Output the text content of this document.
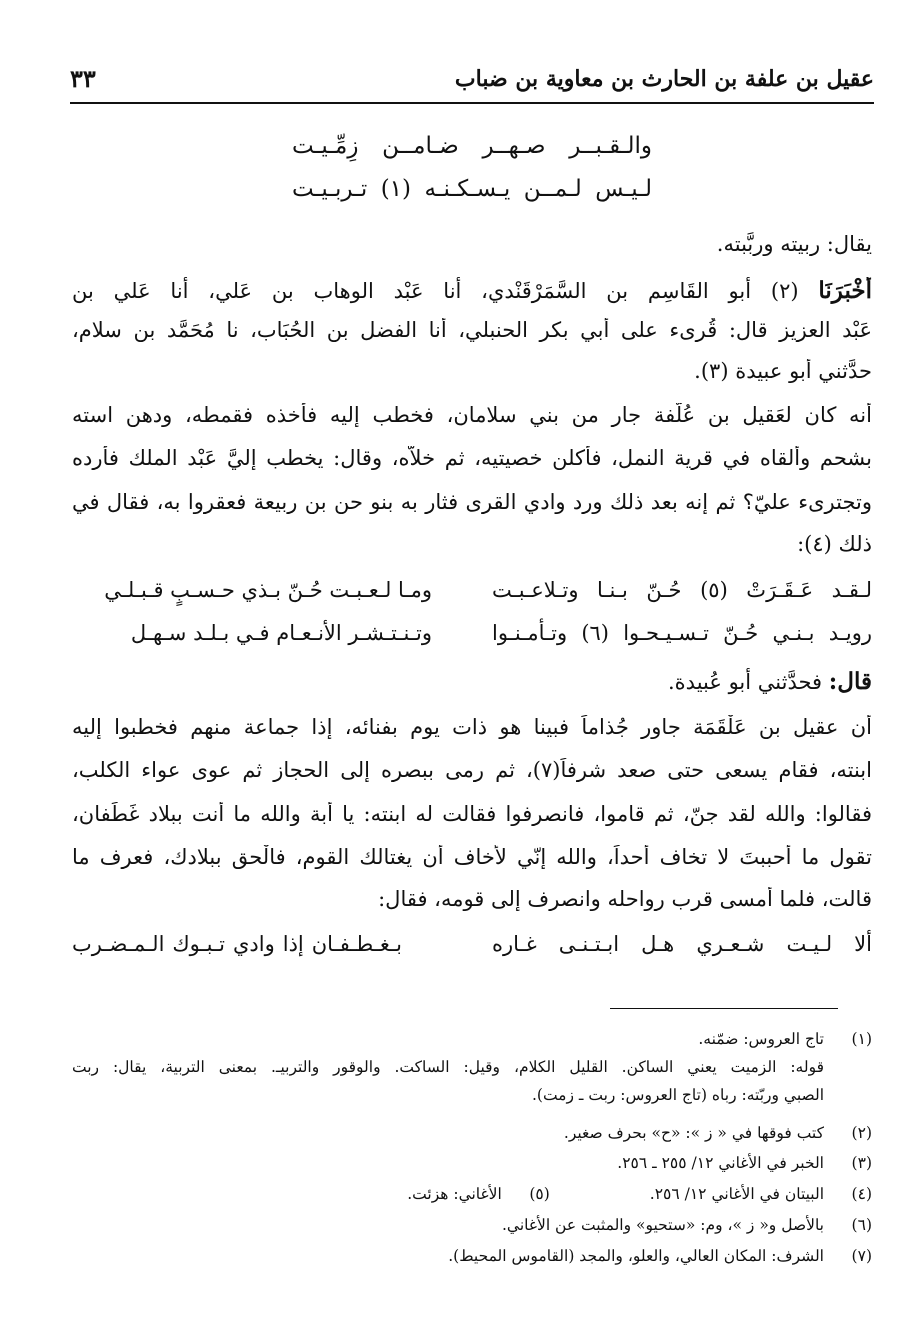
عقيل بن علفة بن الحارث بن معاوية بن ضباب
٣٣
والـقـبــر صـهــر ضـامــن زِمِّـيـت
لـيـس لـمــن يـسـكـنـه (١) تـربـيـت
يقال: ربيته وربَّبته.
أَخْبَرَنَا (٢) أبو القَاسِم بن السَّمَرْقَنْدي، أنا عَبْد الوهاب بن عَلي، أنا عَلي بن
عَبْد العزيز قال: قُرِىء على أبي بكر الحنبلي، أنا الفضل بن الحُبَاب، نا مُحَمَّد بن سلام،
حدَّثني أبو عبيدة (٣).
أنه كان لعَقيل بن عُلَّفة جار من بني سلامان، فخطب إليه فأخذه فقمطه، ودهن استه
بشحم وألقاه في قرية النمل، فأكلن خصيتيه، ثم خلاّه، وقال: يخطب إليَّ عَبْد الملك فأرده
وتجترِىء عليّ؟ ثم إنه بعد ذلك ورد وادي القرى فثار به بنو حن بن ربيعة فعقروا به، فقال في
ذلك (٤):
لـقـد عَـقَـرَتْ (٥) حُـنّ بـنـا وتـلاعـبـت
ومـا لـعـبـت حُـنّ بـذي حـسـبٍ قـبـلـي
رويـد بـنـي حُـنّ تـسـيـحـوا (٦) وتـأمـنـوا
وتـنـتـشـر الأنـعـام فـي بـلـد سـهـل
قال: فحدَّثني أبو عُبيدة.
أن عقيل بن عَلْقَمَة جاور جُذاماً فبينا هو ذات يوم بفنائه، إذا جماعة منهم فخطبوا إليه
ابنته، فقام يسعى حتى صعد شرفاً(٧)، ثم رمى ببصره إلى الحجاز ثم عوى عواء الكلب،
فقالوا: والله لقد جنّ، ثم قاموا، فانصرفوا فقالت له ابنته: يا أبة والله ما أنت ببلاد غَطَفان،
تقول ما أحببتَ لا تخاف أحداً، والله إنّي لأخاف أن يغتالك القوم، فالْحق ببلادك، فعرف ما
قالت، فلما أمسى قرب رواحله وانصرف إلى قومه، فقال:
ألا لـيـت شـعـري هـل ابـتـنـى غـاره
بـغـطـفـان إذا وادي تـبـوك الـمـضـرب
(١)تاج العروس: ضمّنه.
قوله: الزميت يعني الساكن. القليل الكلام، وقيل: الساكت. والوقور والتربيـ. بمعنى التربية، يقال: ربت
الصبي وربّته: رباه (تاج العروس: ربت ـ زمت).
(٢)كتب فوقها في « ز »: «ح» بحرف صغير.
(٣)الخبر في الأغاني ١٢/ ٢٥٥ ـ ٢٥٦.
(٤)البيتان في الأغاني ١٢/ ٢٥٦.(٥)الأغاني: هزئت.
(٦)بالأصل و« ز »، وم: «ستحيو» والمثبت عن الأغاني.
(٧)الشرف: المكان العالي، والعلو، والمجد (القاموس المحيط).
